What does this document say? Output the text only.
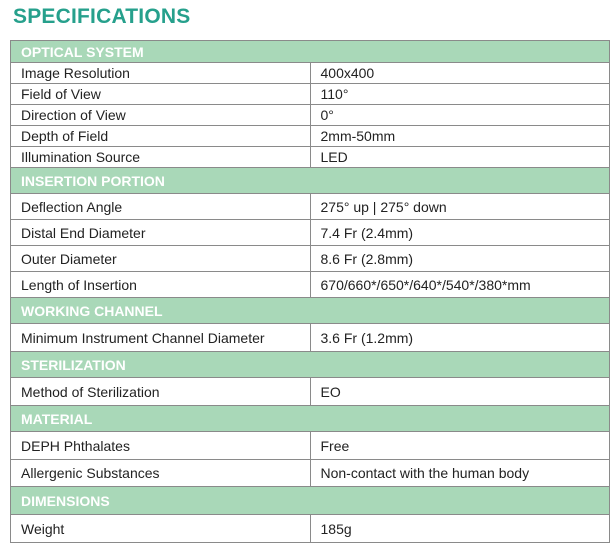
SPECIFICATIONS
OPTICAL SYSTEM	
Image Resolution	400x400
Field of View	110°
Direction of View	0°
Depth of Field	2mm-50mm
Illumination Source	LED
INSERTION PORTION	
Deflection Angle	275° up | 275° down
Distal End Diameter	7.4 Fr (2.4mm)
Outer Diameter	8.6 Fr (2.8mm)
Length of Insertion	670/660*/650*/640*/540*/380*mm
WORKING CHANNEL	
Minimum Instrument Channel Diameter	3.6 Fr (1.2mm)
STERILIZATION	
Method of Sterilization	EO
MATERIAL	
DEPH Phthalates	Free
Allergenic Substances	Non-contact with the human body
DIMENSIONS	
Weight	185g
